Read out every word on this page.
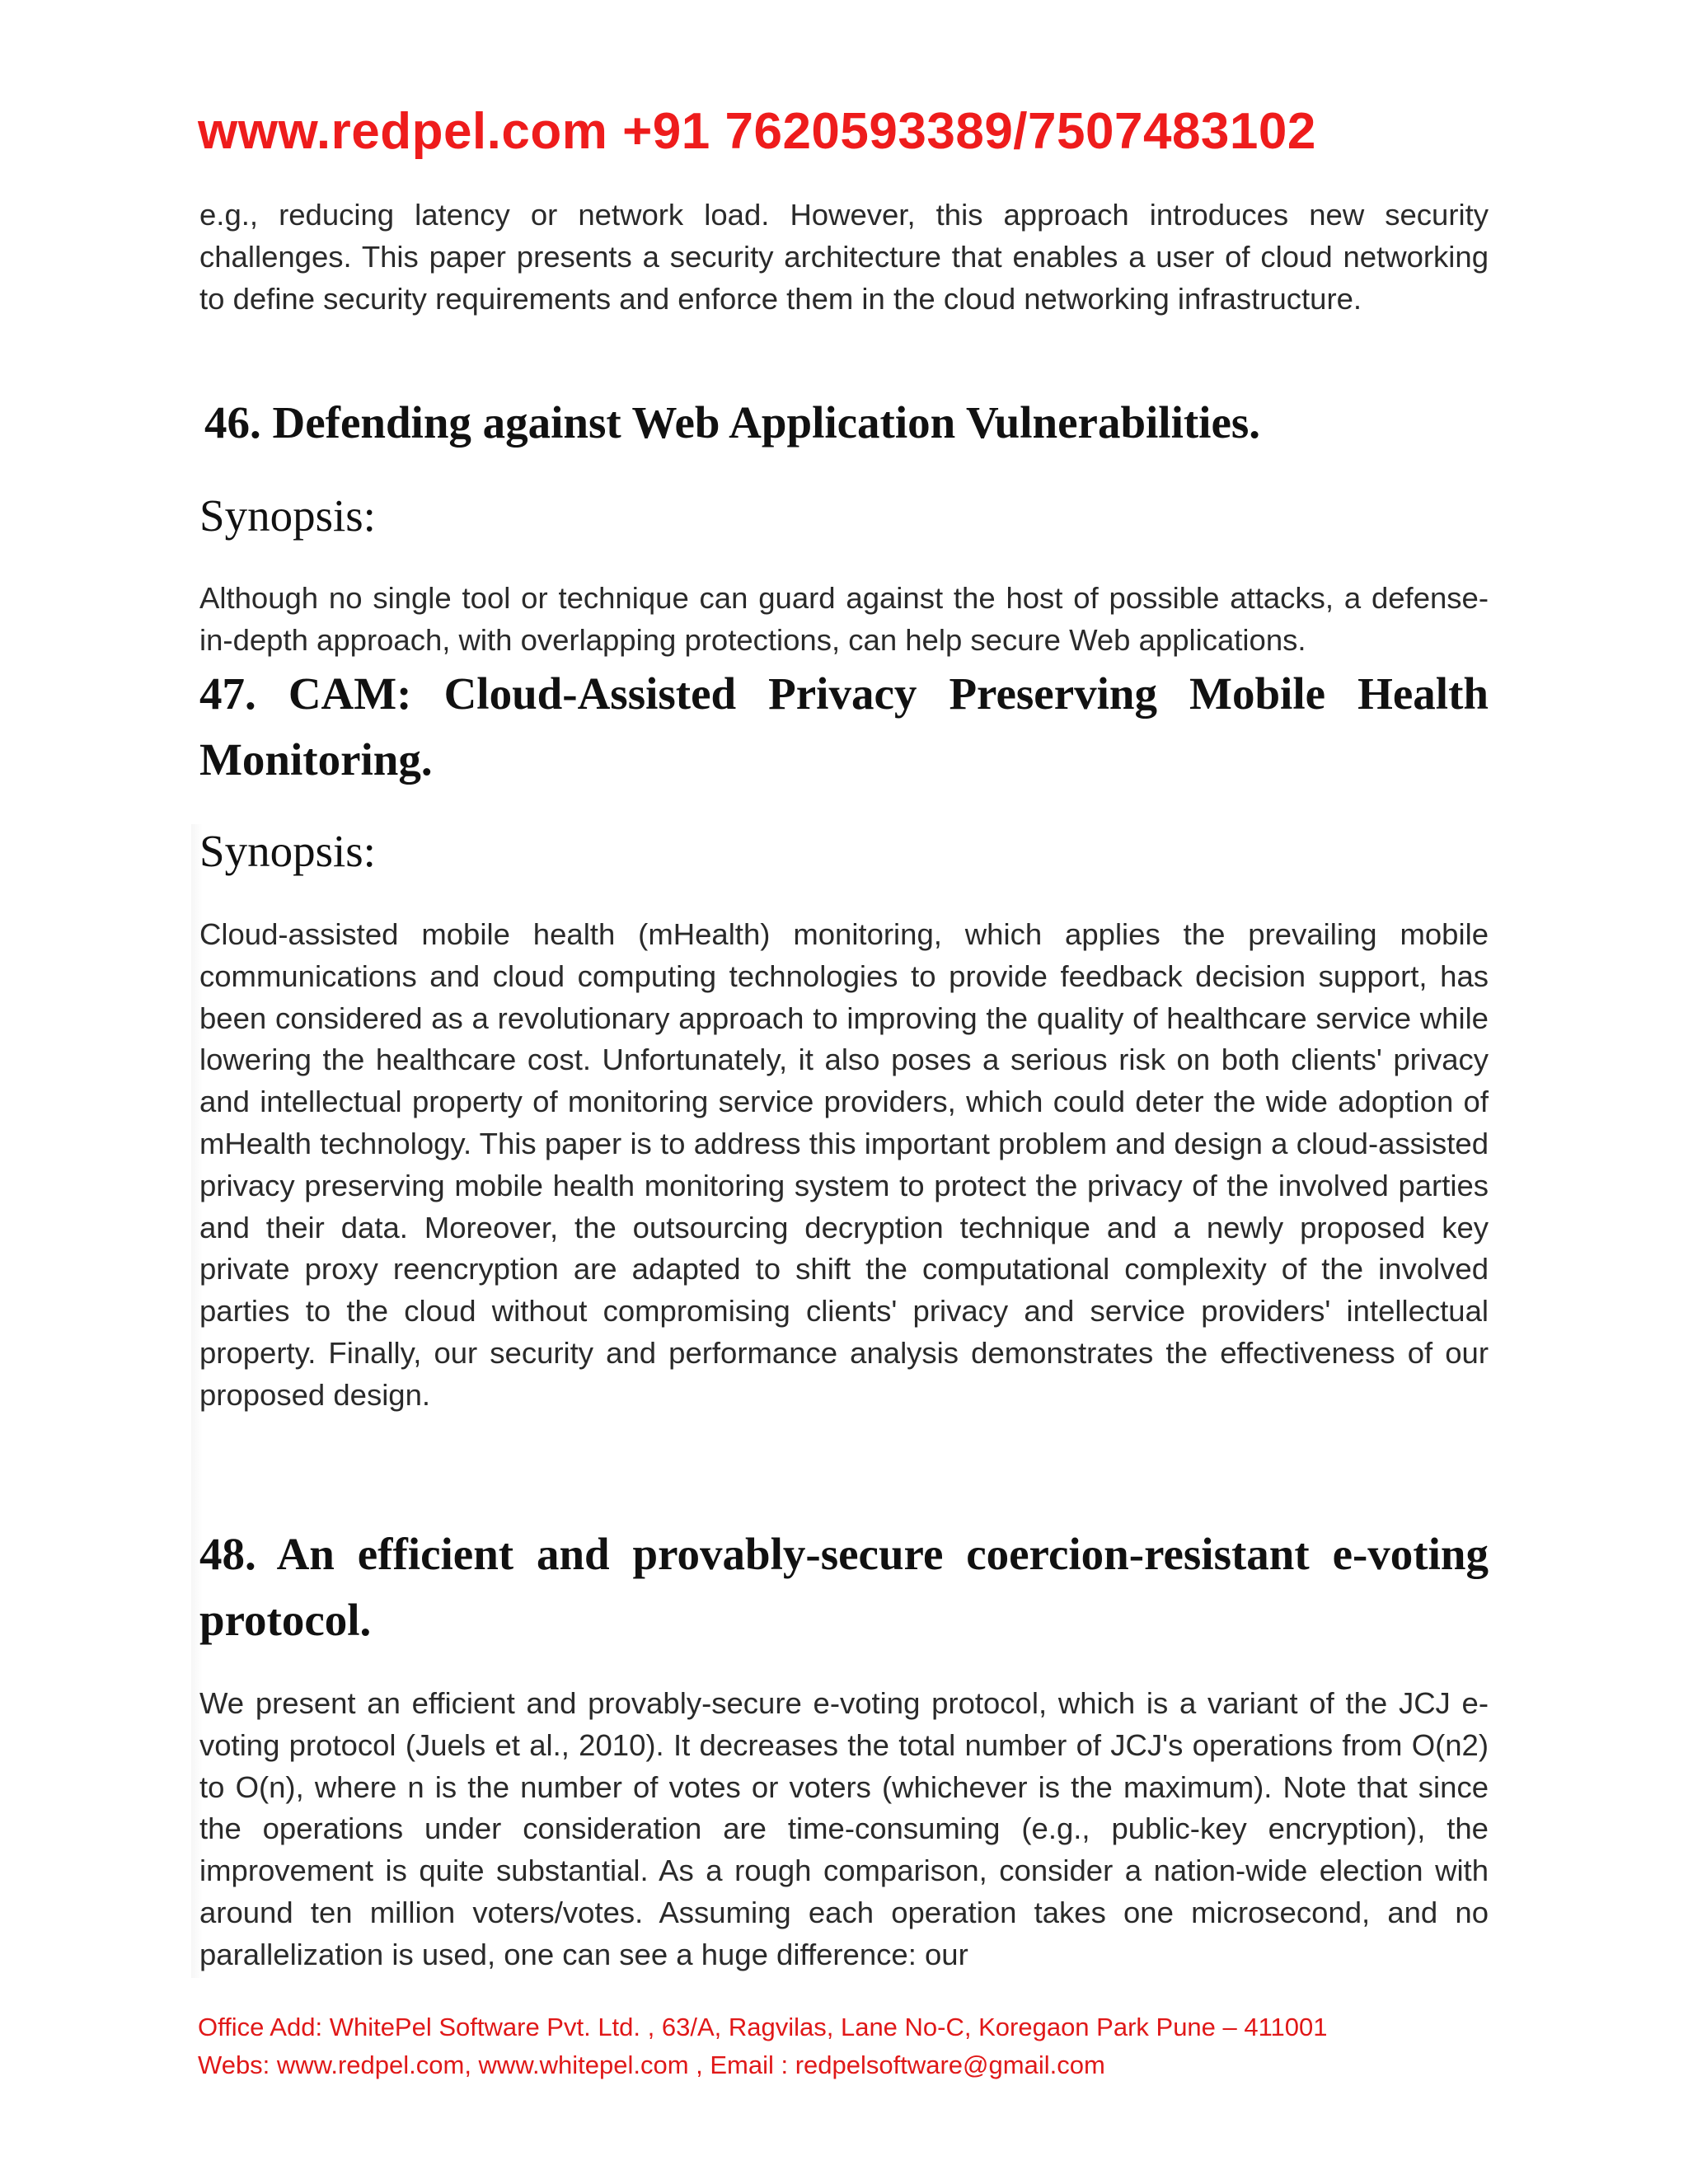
www.redpel.com +91 7620593389/7507483102

e.g., reducing latency or network load. However, this approach introduces new security challenges. This paper presents a security architecture that enables a user of cloud networking to define security requirements and enforce them in the cloud networking infrastructure.

46. Defending against Web Application Vulnerabilities.
Synopsis:

Although no single tool or technique can guard against the host of possible attacks, a defense-in-depth approach, with overlapping protections, can help secure Web applications.

47. CAM: Cloud-Assisted Privacy Preserving Mobile Health Monitoring.
Synopsis:

Cloud-assisted mobile health (mHealth) monitoring, which applies the prevailing mobile communications and cloud computing technologies to provide feedback decision support, has been considered as a revolutionary approach to improving the quality of healthcare service while lowering the healthcare cost. Unfortunately, it also poses a serious risk on both clients' privacy and intellectual property of monitoring service providers, which could deter the wide adoption of mHealth technology. This paper is to address this important problem and design a cloud-assisted privacy preserving mobile health monitoring system to protect the privacy of the involved parties and their data. Moreover, the outsourcing decryption technique and a newly proposed key private proxy reencryption are adapted to shift the computational complexity of the involved parties to the cloud without compromising clients' privacy and service providers' intellectual property. Finally, our security and performance analysis demonstrates the effectiveness of our proposed design.

48. An efficient and provably-secure coercion-resistant e-voting protocol.

We present an efficient and provably-secure e-voting protocol, which is a variant of the JCJ e-voting protocol (Juels et al., 2010). It decreases the total number of JCJ's operations from O(n2) to O(n), where n is the number of votes or voters (whichever is the maximum). Note that since the operations under consideration are time-consuming (e.g., public-key encryption), the improvement is quite substantial. As a rough comparison, consider a nation-wide election with around ten million voters/votes. Assuming each operation takes one microsecond, and no parallelization is used, one can see a huge difference: our

Office Add: WhitePel Software Pvt. Ltd. , 63/A, Ragvilas, Lane No-C, Koregaon Park Pune – 411001
Webs: www.redpel.com, www.whitepel.com , Email : redpelsoftware@gmail.com
